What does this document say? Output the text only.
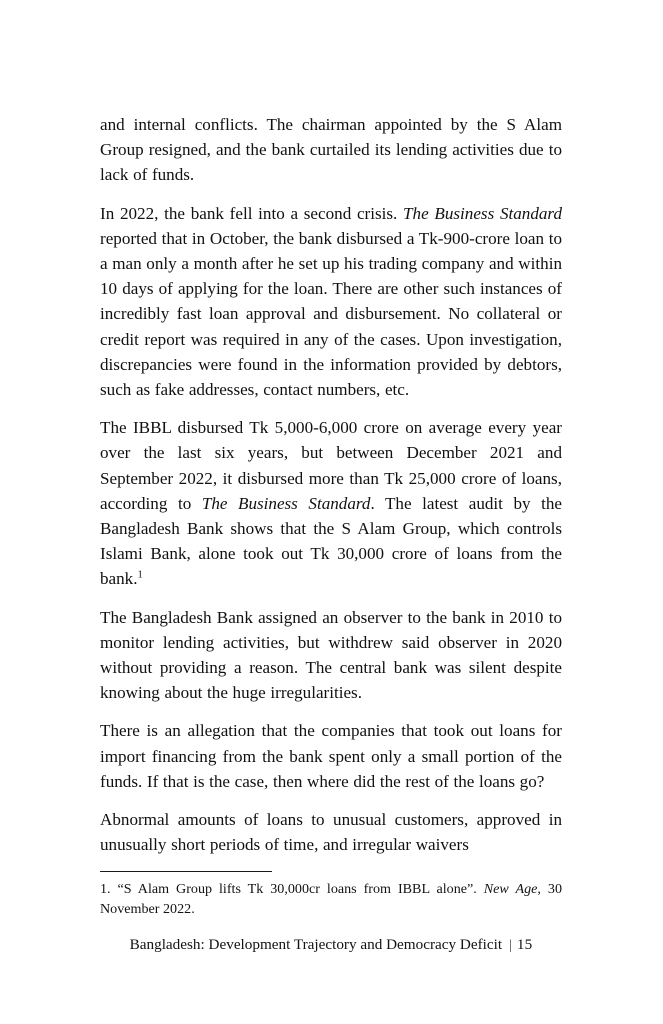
and internal conflicts. The chairman appointed by the S Alam Group resigned, and the bank curtailed its lending activities due to lack of funds.

In 2022, the bank fell into a second crisis. The Business Standard reported that in October, the bank disbursed a Tk-900-crore loan to a man only a month after he set up his trading company and within 10 days of applying for the loan. There are other such instances of incredibly fast loan approval and disbursement. No collateral or credit report was required in any of the cases. Upon investigation, discrepancies were found in the information provided by debtors, such as fake addresses, contact numbers, etc.

The IBBL disbursed Tk 5,000-6,000 crore on average every year over the last six years, but between December 2021 and September 2022, it disbursed more than Tk 25,000 crore of loans, according to The Business Standard. The latest audit by the Bangladesh Bank shows that the S Alam Group, which controls Islami Bank, alone took out Tk 30,000 crore of loans from the bank.$^1$

The Bangladesh Bank assigned an observer to the bank in 2010 to monitor lending activities, but withdrew said observer in 2020 without providing a reason. The central bank was silent despite knowing about the huge irregularities.

There is an allegation that the companies that took out loans for import financing from the bank spent only a small portion of the funds. If that is the case, then where did the rest of the loans go?

Abnormal amounts of loans to unusual customers, approved in unusually short periods of time, and irregular waivers

1. “S Alam Group lifts Tk 30,000cr loans from IBBL alone”. New Age, 30 November 2022.

Bangladesh: Development Trajectory and Democracy Deficit | 15
